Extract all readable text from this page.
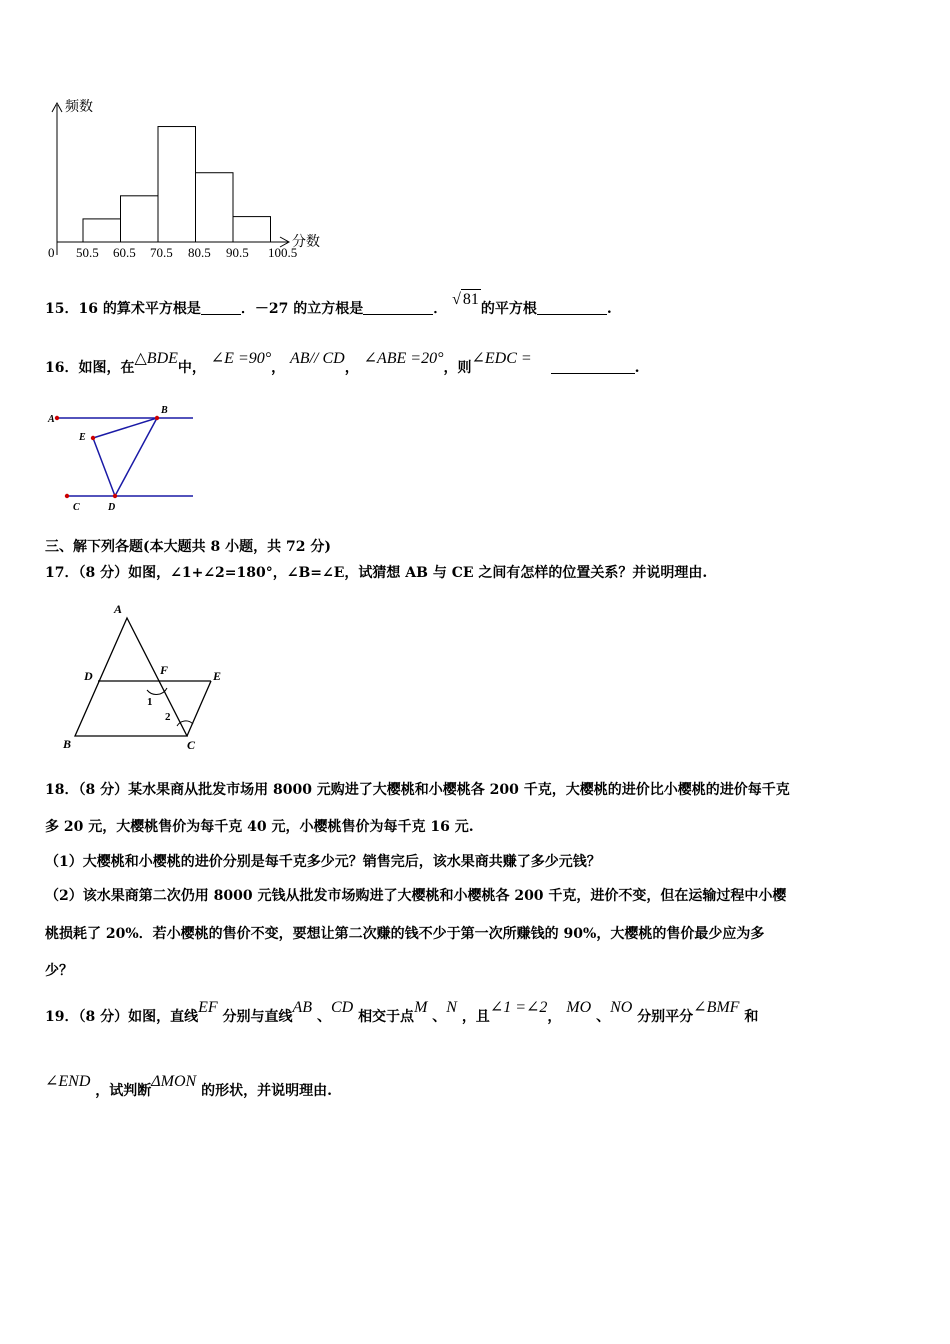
频数
分数
0 50.5 60.5 70.5 80.5 90.5 100.5
15．16 的算术平方根是	．－27 的立方根是	． √ 81的平方根	.
16．如图，在△BDE中， ∠E =90°， AB// CD， ∠ABE =20°，则∠EDC = .
A
B
E
C	D
三、解下列各题(本大题共 8 小题，共 72 分)
17．（8 分）如图，∠1+∠2=180°，∠B=∠E，试猜想 AB 与 CE 之间有怎样的位置关系？并说明理由.
A
D	F	E
1
2
B	C
18．（8 分）某水果商从批发市场用 8000 元购进了大樱桃和小樱桃各 200 千克，大樱桃的进价比小樱桃的进价每千克
多 20 元，大樱桃售价为每千克 40 元，小樱桃售价为每千克 16 元.
（1）大樱桃和小樱桃的进价分别是每千克多少元？销售完后，该水果商共赚了多少元钱？
（2）该水果商第二次仍用 8000 元钱从批发市场购进了大樱桃和小樱桃各 200 千克，进价不变，但在运输过程中小樱
桃损耗了 20%．若小樱桃的售价不变，要想让第二次赚的钱不少于第一次所赚钱的 90%，大樱桃的售价最少应为多
少？
19．（8 分）如图，直线EF 分别与直线AB 、CD 相交于点M 、N ，且∠1 =∠2， MO 、NO 分别平分∠BMF 和
∠END ，试判断ΔMON 的形状，并说明理由.
